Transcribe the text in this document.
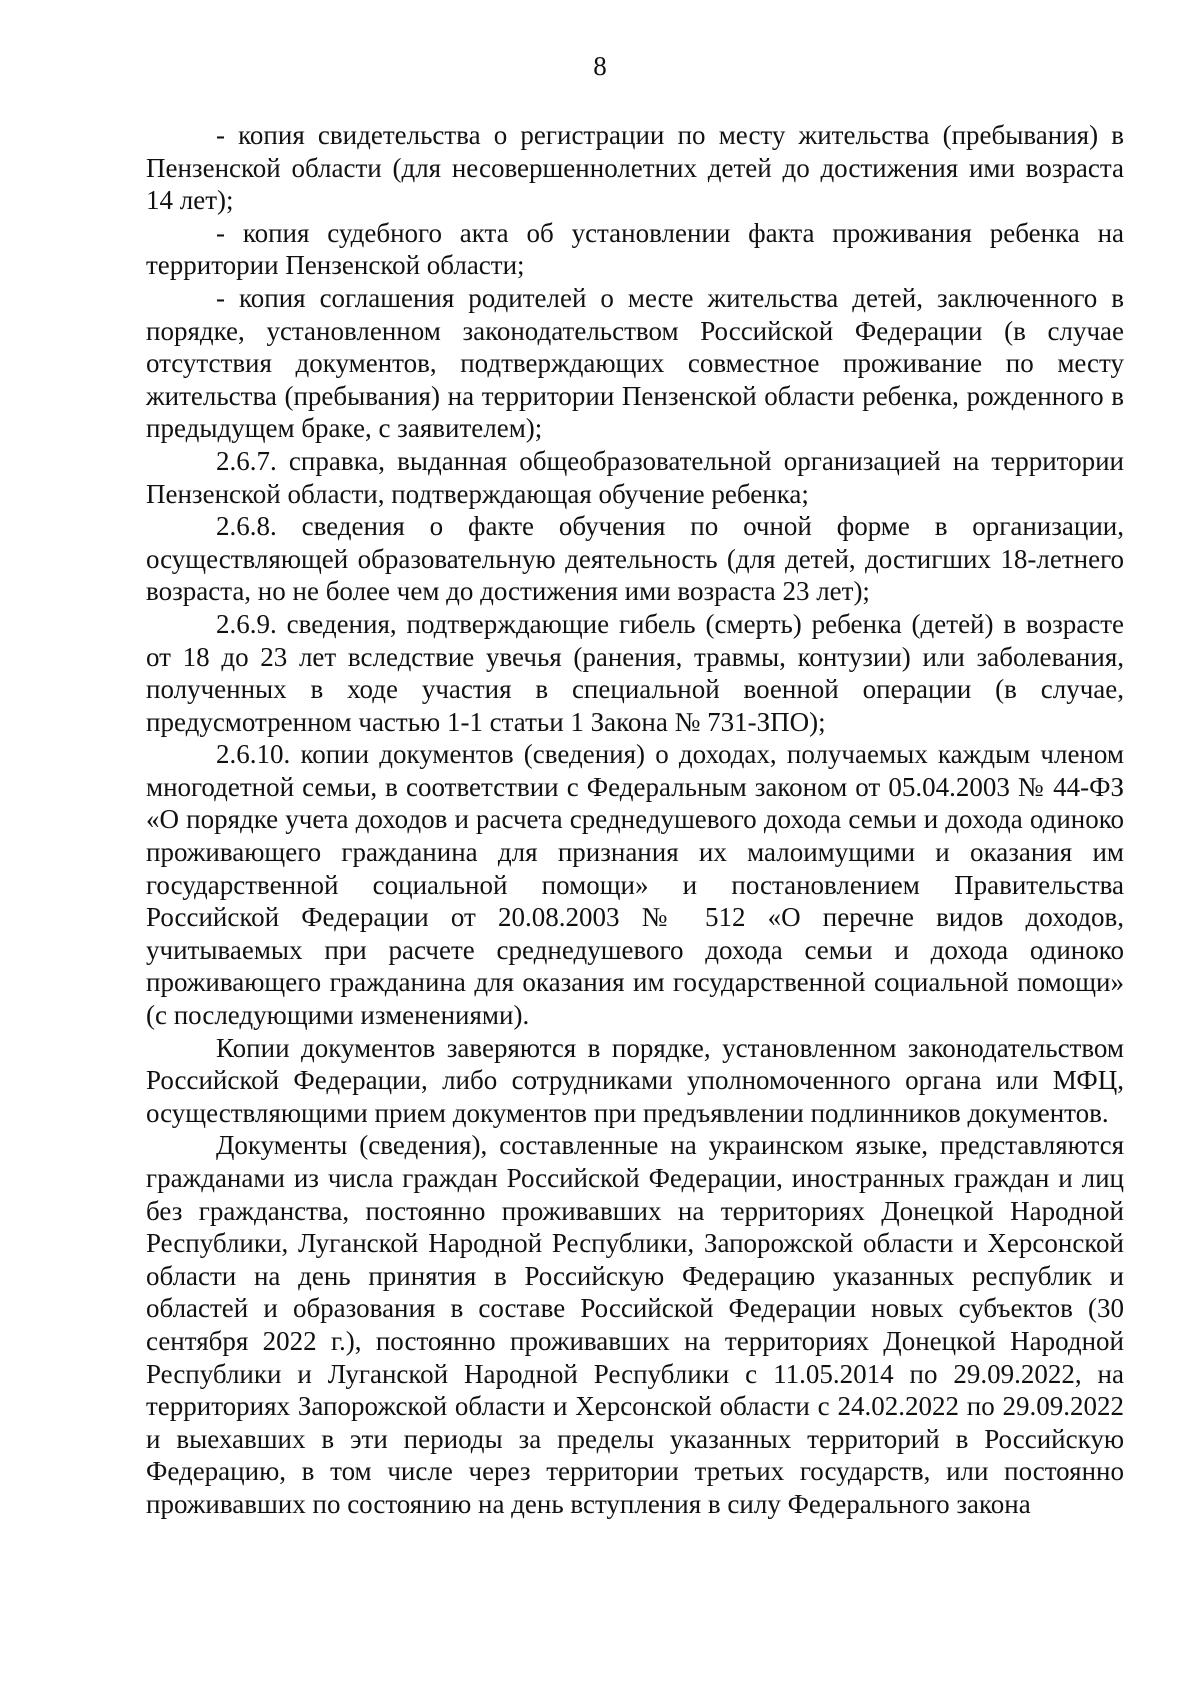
8

- копия свидетельства о регистрации по месту жительства (пребывания) в Пензенской области (для несовершеннолетних детей до достижения ими возраста 14 лет);

- копия судебного акта об установлении факта проживания ребенка на территории Пензенской области;

- копия соглашения родителей о месте жительства детей, заключенного в порядке, установленном законодательством Российской Федерации (в случае отсутствия документов, подтверждающих совместное проживание по месту жительства (пребывания) на территории Пензенской области ребенка, рожденного в предыдущем браке, с заявителем);

2.6.7. справка, выданная общеобразовательной организацией на территории Пензенской области, подтверждающая обучение ребенка;

2.6.8. сведения о факте обучения по очной форме в организации, осуществляющей образовательную деятельность (для детей, достигших 18-летнего возраста, но не более чем до достижения ими возраста 23 лет);

2.6.9. сведения, подтверждающие гибель (смерть) ребенка (детей) в возрасте от 18 до 23 лет вследствие увечья (ранения, травмы, контузии) или заболевания, полученных в ходе участия в специальной военной операции (в случае, предусмотренном частью 1-1 статьи 1 Закона № 731-ЗПО);

2.6.10. копии документов (сведения) о доходах, получаемых каждым членом многодетной семьи, в соответствии с Федеральным законом от 05.04.2003 № 44-ФЗ «О порядке учета доходов и расчета среднедушевого дохода семьи и дохода одиноко проживающего гражданина для признания их малоимущими и оказания им государственной социальной помощи» и постановлением Правительства Российской Федерации от 20.08.2003 № 512 «О перечне видов доходов, учитываемых при расчете среднедушевого дохода семьи и дохода одиноко проживающего гражданина для оказания им государственной социальной помощи» (с последующими изменениями).

Копии документов заверяются в порядке, установленном законодательством Российской Федерации, либо сотрудниками уполномоченного органа или МФЦ, осуществляющими прием документов при предъявлении подлинников документов.

Документы (сведения), составленные на украинском языке, представляются гражданами из числа граждан Российской Федерации, иностранных граждан и лиц без гражданства, постоянно проживавших на территориях Донецкой Народной Республики, Луганской Народной Республики, Запорожской области и Херсонской области на день принятия в Российскую Федерацию указанных республик и областей и образования в составе Российской Федерации новых субъектов (30 сентября 2022 г.), постоянно проживавших на территориях Донецкой Народной Республики и Луганской Народной Республики с 11.05.2014 по 29.09.2022, на территориях Запорожской области и Херсонской области с 24.02.2022 по 29.09.2022 и выехавших в эти периоды за пределы указанных территорий в Российскую Федерацию, в том числе через территории третьих государств, или постоянно проживавших по состоянию на день вступления в силу Федерального закона
